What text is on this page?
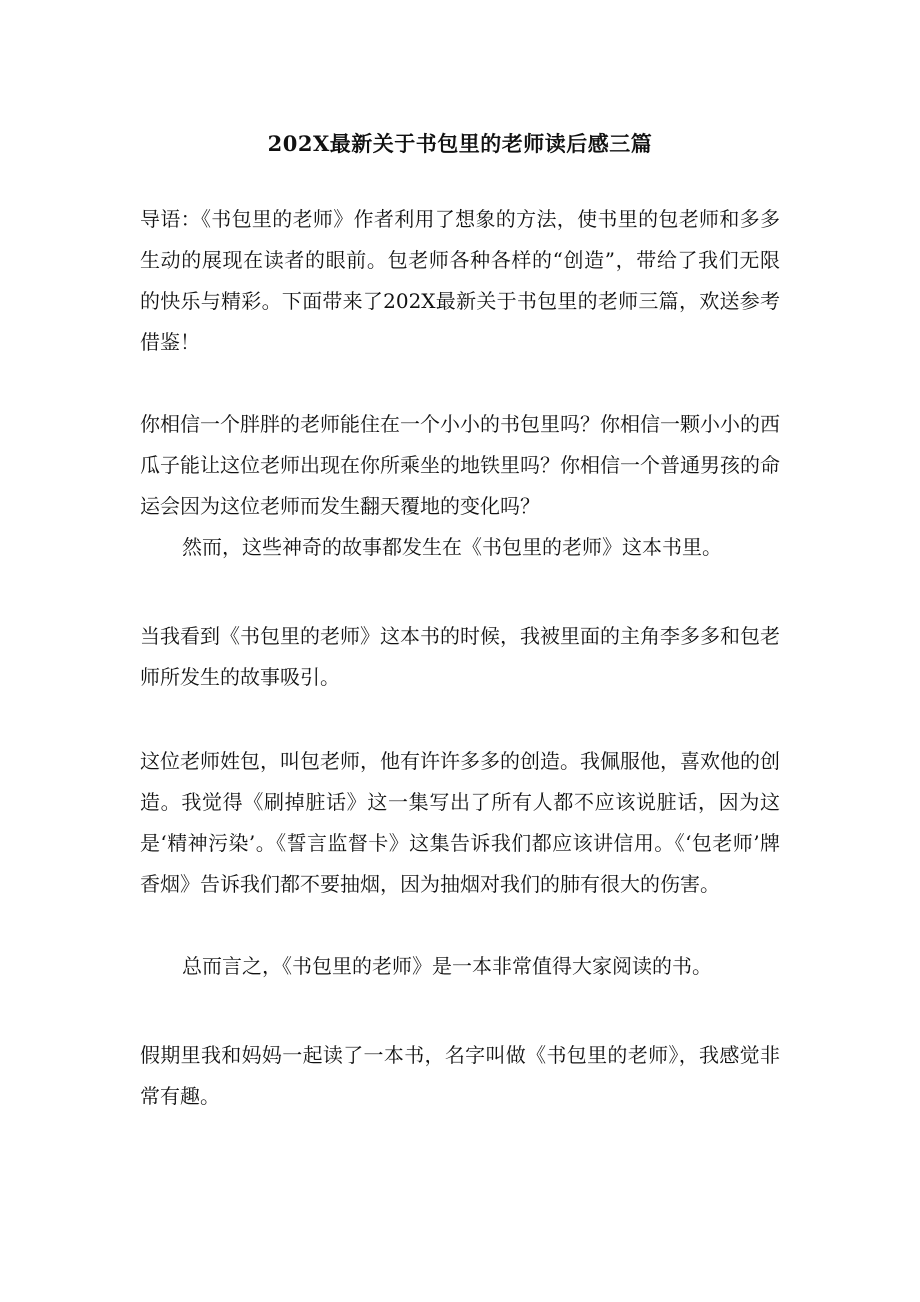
202X最新关于书包里的老师读后感三篇

导语：《书包里的老师》作者利用了想象的方法，使书里的包老师和多多生动的展现在读者的眼前。包老师各种各样的“创造”，带给了我们无限的快乐与精彩。下面带来了202X最新关于书包里的老师三篇，欢送参考借鉴！

你相信一个胖胖的老师能住在一个小小的书包里吗？你相信一颗小小的西瓜子能让这位老师出现在你所乘坐的地铁里吗？你相信一个普通男孩的命运会因为这位老师而发生翻天覆地的变化吗？

然而，这些神奇的故事都发生在《书包里的老师》这本书里。

当我看到《书包里的老师》这本书的时候，我被里面的主角李多多和包老师所发生的故事吸引。

这位老师姓包，叫包老师，他有许许多多的创造。我佩服他，喜欢他的创造。我觉得《刷掉脏话》这一集写出了所有人都不应该说脏话，因为这是‘精神污染’。《誓言监督卡》这集告诉我们都应该讲信用。《‘包老师’牌香烟》告诉我们都不要抽烟，因为抽烟对我们的肺有很大的伤害。

总而言之，《书包里的老师》是一本非常值得大家阅读的书。

假期里我和妈妈一起读了一本书，名字叫做《书包里的老师》，我感觉非常有趣。
